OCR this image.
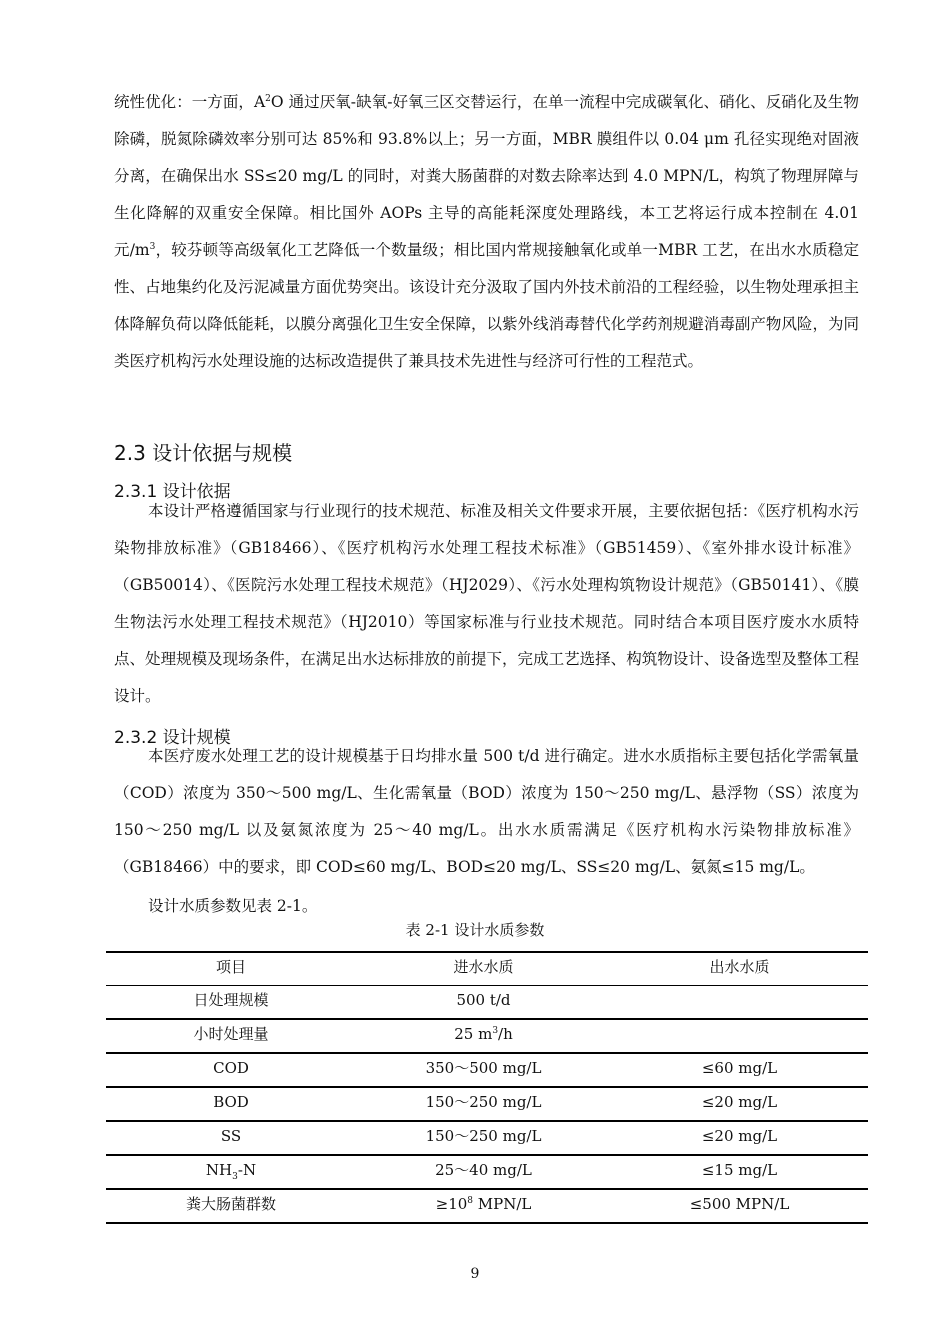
统性优化：一方面，$A^2O$ 通过厌氧-缺氧-好氧三区交替运行，在单一流程中完成碳氧化、硝化、反硝化及生物除磷，脱氮除磷效率分别可达 85%和 93.8%以上；另一方面，MBR 膜组件以 0.04 μm 孔径实现绝对固液分离，在确保出水 SS≤20 mg/L 的同时，对粪大肠菌群的对数去除率达到 4.0 MPN/L，构筑了物理屏障与生化降解的双重安全保障。相比国外 AOPs 主导的高能耗深度处理路线，本工艺将运行成本控制在 4.01 元$/m^3$，较芬顿等高级氧化工艺降低一个数量级；相比国内常规接触氧化或单一MBR 工艺，在出水水质稳定性、占地集约化及污泥减量方面优势突出。该设计充分汲取了国内外技术前沿的工程经验，以生物处理承担主体降解负荷以降低能耗，以膜分离强化卫生安全保障，以紫外线消毒替代化学药剂规避消毒副产物风险，为同类医疗机构污水处理设施的达标改造提供了兼具技术先进性与经济可行性的工程范式。

2.3 设计依据与规模
2.3.1 设计依据

本设计严格遵循国家与行业现行的技术规范、标准及相关文件要求开展，主要依据包括：《医疗机构水污染物排放标准》（GB18466）、《医疗机构污水处理工程技术标准》（GB51459）、《室外排水设计标准》（GB50014）、《医院污水处理工程技术规范》（HJ2029）、《污水处理构筑物设计规范》（GB50141）、《膜生物法污水处理工程技术规范》（HJ2010）等国家标准与行业技术规范。同时结合本项目医疗废水水质特点、处理规模及现场条件，在满足出水达标排放的前提下，完成工艺选择、构筑物设计、设备选型及整体工程设计。

2.3.2 设计规模

本医疗废水处理工艺的设计规模基于日均排水量 500 t/d 进行确定。进水水质指标主要包括化学需氧量（COD）浓度为 350～500 mg/L、生化需氧量（BOD）浓度为 150～250 mg/L、悬浮物（SS）浓度为 150～250 mg/L 以及氨氮浓度为 25～40 mg/L。出水水质需满足《医疗机构水污染物排放标准》（GB18466）中的要求，即 COD≤60 mg/L、BOD≤20 mg/L、SS≤20 mg/L、氨氮≤15 mg/L。

设计水质参数见表 2-1。

表 2-1 设计水质参数

项目	进水水质	出水水质
日处理规模	500 t/d	
小时处理量	25 $m^3/h$	
COD	350～500 mg/L	≤60 mg/L
BOD	150～250 mg/L	≤20 mg/L
SS	150～250 mg/L	≤20 mg/L
$NH_3-N$	25～40 mg/L	≤15 mg/L
粪大肠菌群数	$\ge 10^8$ MPN/L	≤500 MPN/L

9
